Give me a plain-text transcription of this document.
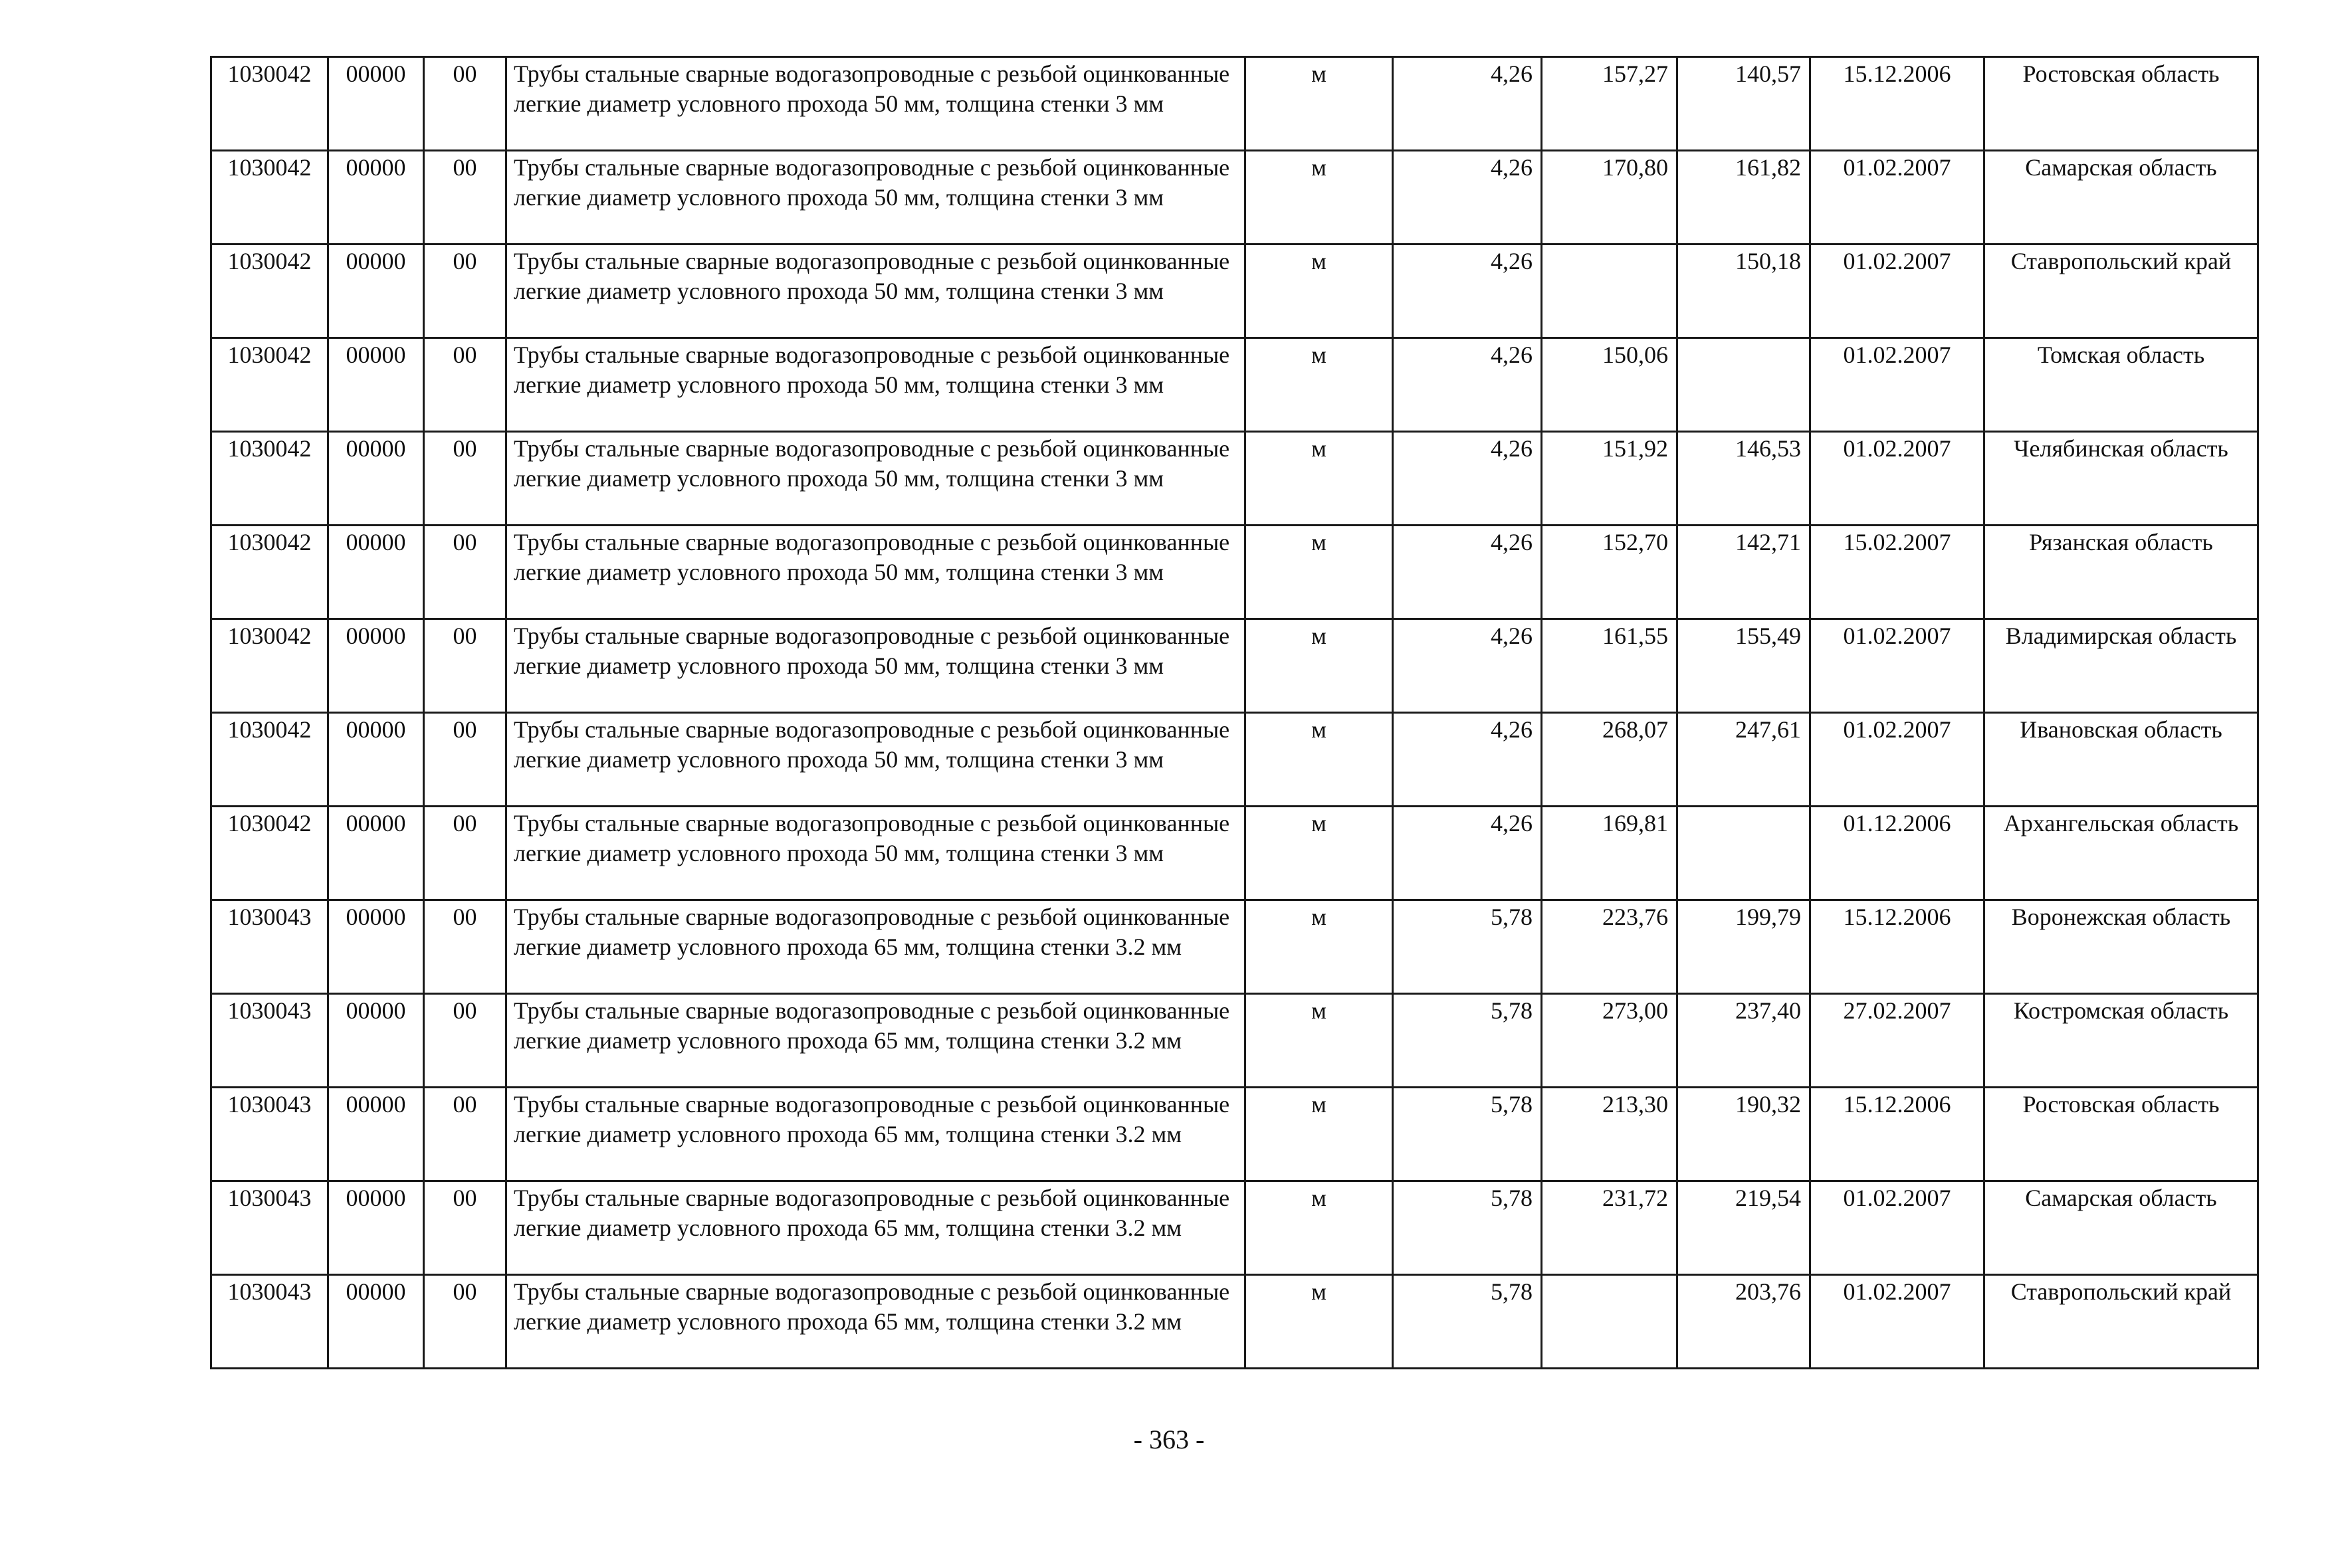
1030042	00000	00	Трубы стальные сварные водогазопроводные с резьбой оцинкованные легкие диаметр условного прохода 50 мм, толщина стенки 3 мм	м	4,26	157,27	140,57	15.12.2006	Ростовская область
1030042	00000	00	Трубы стальные сварные водогазопроводные с резьбой оцинкованные легкие диаметр условного прохода 50 мм, толщина стенки 3 мм	м	4,26	170,80	161,82	01.02.2007	Самарская область
1030042	00000	00	Трубы стальные сварные водогазопроводные с резьбой оцинкованные легкие диаметр условного прохода 50 мм, толщина стенки 3 мм	м	4,26		150,18	01.02.2007	Ставропольский край
1030042	00000	00	Трубы стальные сварные водогазопроводные с резьбой оцинкованные легкие диаметр условного прохода 50 мм, толщина стенки 3 мм	м	4,26	150,06		01.02.2007	Томская область
1030042	00000	00	Трубы стальные сварные водогазопроводные с резьбой оцинкованные легкие диаметр условного прохода 50 мм, толщина стенки 3 мм	м	4,26	151,92	146,53	01.02.2007	Челябинская область
1030042	00000	00	Трубы стальные сварные водогазопроводные с резьбой оцинкованные легкие диаметр условного прохода 50 мм, толщина стенки 3 мм	м	4,26	152,70	142,71	15.02.2007	Рязанская область
1030042	00000	00	Трубы стальные сварные водогазопроводные с резьбой оцинкованные легкие диаметр условного прохода 50 мм, толщина стенки 3 мм	м	4,26	161,55	155,49	01.02.2007	Владимирская область
1030042	00000	00	Трубы стальные сварные водогазопроводные с резьбой оцинкованные легкие диаметр условного прохода 50 мм, толщина стенки 3 мм	м	4,26	268,07	247,61	01.02.2007	Ивановская область
1030042	00000	00	Трубы стальные сварные водогазопроводные с резьбой оцинкованные легкие диаметр условного прохода 50 мм, толщина стенки 3 мм	м	4,26	169,81		01.12.2006	Архангельская область
1030043	00000	00	Трубы стальные сварные водогазопроводные с резьбой оцинкованные легкие диаметр условного прохода 65 мм, толщина стенки 3.2 мм	м	5,78	223,76	199,79	15.12.2006	Воронежская область
1030043	00000	00	Трубы стальные сварные водогазопроводные с резьбой оцинкованные легкие диаметр условного прохода 65 мм, толщина стенки 3.2 мм	м	5,78	273,00	237,40	27.02.2007	Костромская область
1030043	00000	00	Трубы стальные сварные водогазопроводные с резьбой оцинкованные легкие диаметр условного прохода 65 мм, толщина стенки 3.2 мм	м	5,78	213,30	190,32	15.12.2006	Ростовская область
1030043	00000	00	Трубы стальные сварные водогазопроводные с резьбой оцинкованные легкие диаметр условного прохода 65 мм, толщина стенки 3.2 мм	м	5,78	231,72	219,54	01.02.2007	Самарская область
1030043	00000	00	Трубы стальные сварные водогазопроводные с резьбой оцинкованные легкие диаметр условного прохода 65 мм, толщина стенки 3.2 мм	м	5,78		203,76	01.02.2007	Ставропольский край
- 363 -
